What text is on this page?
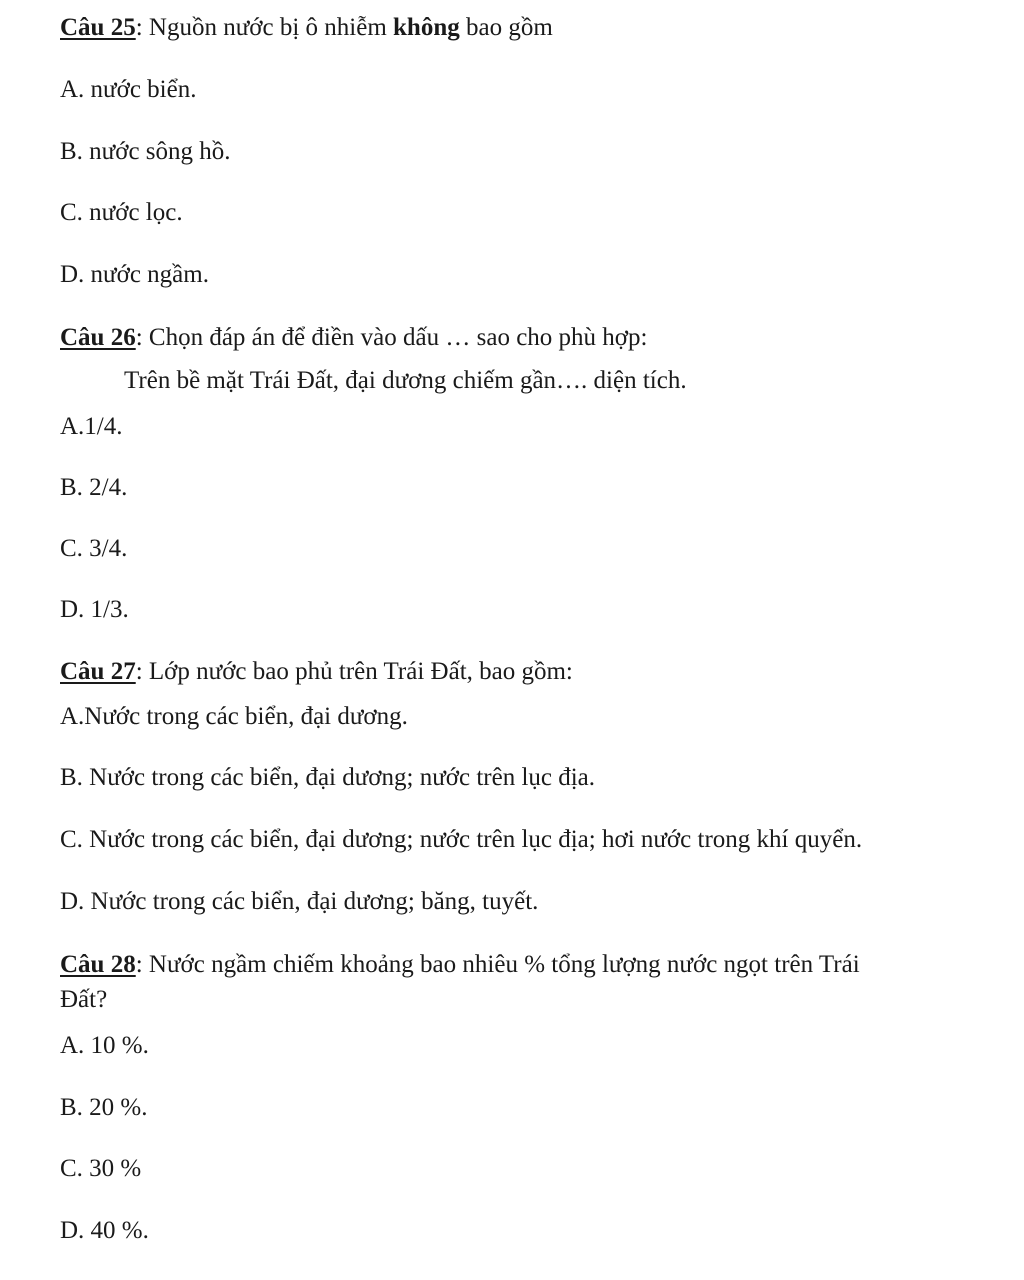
Câu 25: Nguồn nước bị ô nhiễm không bao gồm
A. nước biển.
B. nước sông hồ.
C. nước lọc.
D. nước ngầm.
Câu 26: Chọn đáp án để điền vào dấu … sao cho phù hợp:
Trên bề mặt Trái Đất, đại dương chiếm gần…. diện tích.
A.1/4.
B. 2/4.
C. 3/4.
D. 1/3.
Câu 27: Lớp nước bao phủ trên Trái Đất, bao gồm:
A.Nước trong các biển, đại dương.
B. Nước trong các biển, đại dương; nước trên lục địa.
C. Nước trong các biển, đại dương; nước trên lục địa; hơi nước trong khí quyển.
D. Nước trong các biển, đại dương; băng, tuyết.
Câu 28: Nước ngầm chiếm khoảng bao nhiêu % tổng lượng nước ngọt trên Trái
Đất?
A. 10 %.
B. 20 %.
C. 30 %
D. 40 %.
